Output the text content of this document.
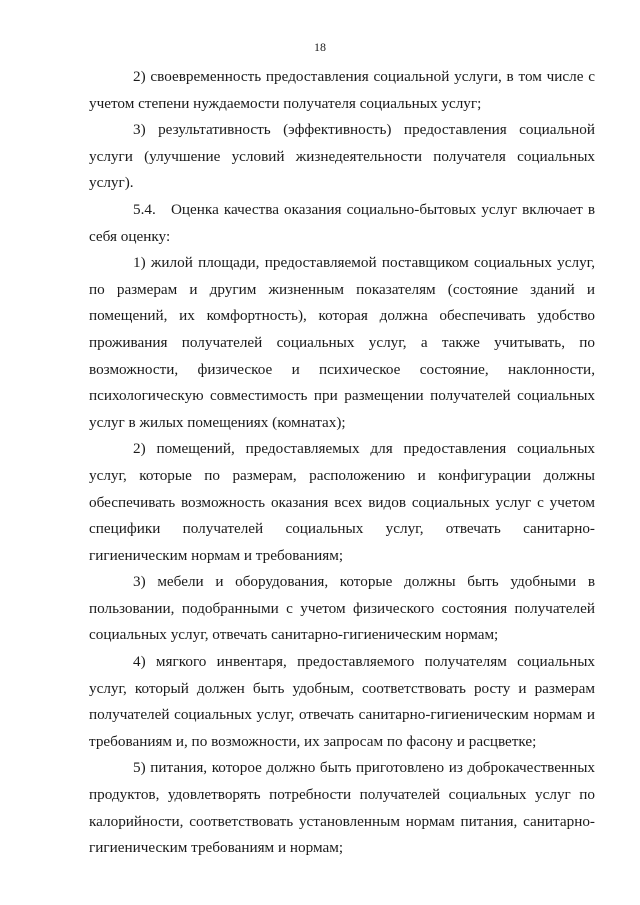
18

2) своевременность предоставления социальной услуги, в том числе с учетом степени нуждаемости получателя социальных услуг;

3) результативность (эффективность) предоставления социальной услуги (улучшение условий жизнедеятельности получателя социальных услуг).

5.4.   Оценка качества оказания социально-бытовых услуг включает в себя оценку:

1) жилой площади, предоставляемой поставщиком социальных услуг, по размерам и другим жизненным показателям (состояние зданий и помещений, их комфортность), которая должна обеспечивать удобство проживания получателей социальных услуг, а также учитывать, по возможности, физическое и психическое состояние, наклонности, психологическую совместимость при размещении получателей социальных услуг в жилых помещениях (комнатах);

2) помещений, предоставляемых для предоставления социальных услуг, которые по размерам, расположению и конфигурации должны обеспечивать возможность оказания всех видов социальных услуг с учетом специфики получателей социальных услуг, отвечать санитарно-гигиеническим нормам и требованиям;

3) мебели и оборудования, которые должны быть удобными в пользовании, подобранными с учетом физического состояния получателей социальных услуг, отвечать санитарно-гигиеническим нормам;

4) мягкого инвентаря, предоставляемого получателям социальных услуг, который должен быть удобным, соответствовать росту и размерам получателей социальных услуг, отвечать санитарно-гигиеническим нормам и требованиям и, по возможности, их запросам по фасону и расцветке;

5) питания, которое должно быть приготовлено из доброкачественных продуктов, удовлетворять потребности получателей социальных услуг по калорийности, соответствовать установленным нормам питания, санитарно-гигиеническим требованиям и нормам;
